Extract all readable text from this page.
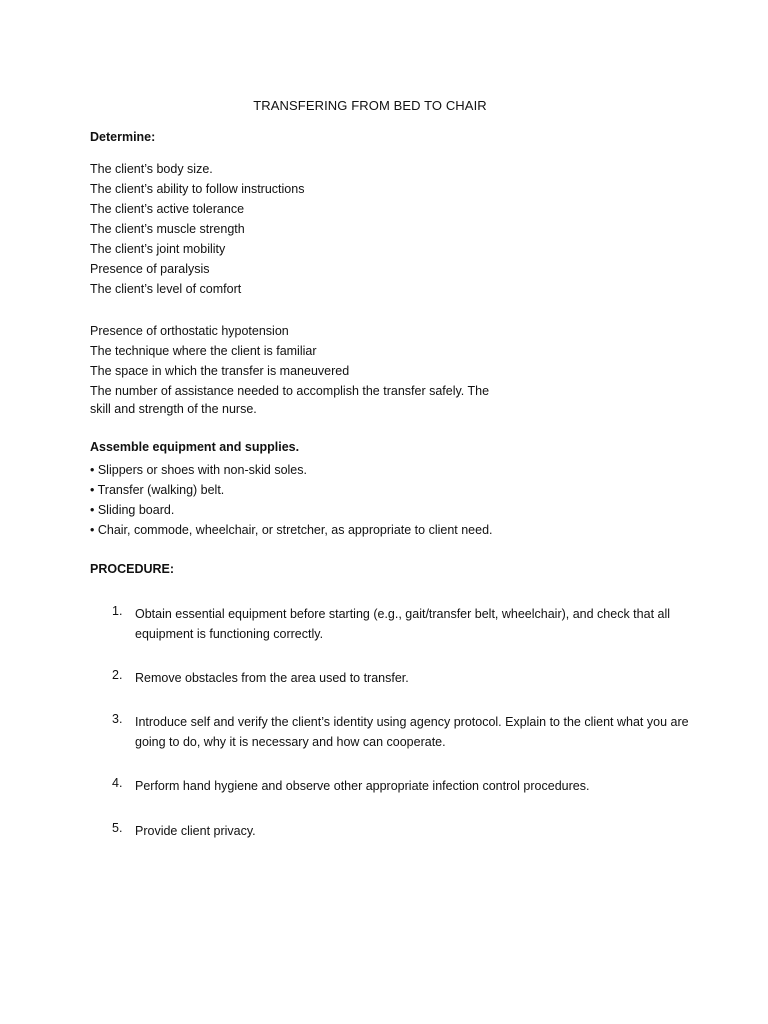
TRANSFERING FROM BED TO CHAIR
Determine:
The client’s body size.
The client’s ability to follow instructions
The client’s active tolerance
The client’s muscle strength
The client’s joint mobility
Presence of paralysis
The client’s level of comfort
Presence of orthostatic hypotension
The technique where the client is familiar
The space in which the transfer is maneuvered
The number of assistance needed to accomplish the transfer safely. The
skill and strength of the nurse.
Assemble equipment and supplies.
• Slippers or shoes with non-skid soles.
• Transfer (walking) belt.
• Sliding board.
• Chair, commode, wheelchair, or stretcher, as appropriate to client need.
PROCEDURE:
1.	Obtain essential equipment before starting (e.g., gait/transfer belt, wheelchair), and check that all equipment is functioning correctly.
2.	Remove obstacles from the area used to transfer.
3.	Introduce self and verify the client’s identity using agency protocol. Explain to the client what you are going to do, why it is necessary and how can cooperate.
4.	Perform hand hygiene and observe other appropriate infection control procedures.
5.	Provide client privacy.
